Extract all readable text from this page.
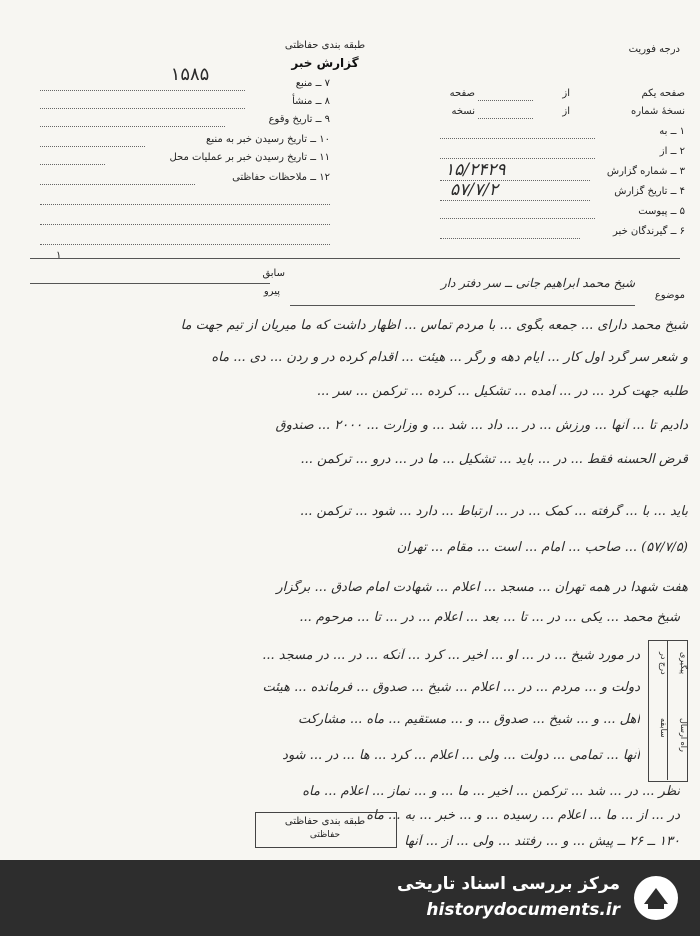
طبقه بندی حفاظتی
گزارش خبر
درجه فوریت
صفحه یکم
از
صفحه
نسخهٔ شماره
از
نسخه
۱ ــ به
۲ ــ از
۳ ــ شماره گزارش
۱۵/۲۴۲۹
۴ ــ تاریخ گزارش
۵۷/۷/۲
۵ ــ پیوست
۶ ــ گیرندگان خبر
۱۵۸۵	۷ ــ منبع
۸ ــ منشأ
۹ ــ تاریخ وقوع
۱۰ ــ تاریخ رسیدن خبر به منبع
۱۱ ــ تاریخ رسیدن خبر بر عملیات محل
۱۲ ــ ملاحظات حفاظتی
۱
سابق
پیرو	موضوع
شیخ محمد ابراهیم جانی ــ سر دفتر دار
شیخ محمد دارای ... جمعه بگوی ... با مردم تماس ... اظهار داشت که ما میریان از تیم جهت ما
و شعر سر گرد اول کار ... ایام دهه و رگر ... هیئت ... اقدام کرده در و ردن ... دی ... ماه
طلبه جهت کرد ... در ... آمده ... تشکیل ... کرده ... ترکمن ... سر ...
دادیم تا ... آنها ... ورزش ... در ... داد ... شد ... و وزارت ... ۲۰۰۰ ... صندوق
قرض الحسنه فقط ... در ... باید ... تشکیل ... ما در ... درو ... ترکمن ...
باید ... با ... گرفته ... کمک ... در ... ارتباط ... دارد ... شود ... ترکمن ...
(۵۷/۷/۵) ... صاحب ... امام ... است ... مقام ... تهران
هفت شهدا در همه تهران ... مسجد ... اعلام ... شهادت امام صادق ... برگزار
شیخ محمد ... یکی ... در ... تا ... بعد ... اعلام ... در ... تا ... مرحوم ...
در مورد شیخ ... در ... او ... اخیر ... کرد ... آنکه ... در ... در مسجد ...
دولت و ... مردم ... در ... اعلام ... شیخ ... صدوق ... فرمانده ... هیئت
اهل ... و ... شیخ ... صدوق ... و ... مستقیم ... ماه ... مشارکت
آنها ... تمامی ... دولت ... ولی ... اعلام ... کرد ... ها ... در ... شود
نظر ... در ... شد ... ترکمن ... اخیر ... ما ... و ... نماز ... اعلام ... ماه
در ... از ... ما ... اعلام ... رسیده ... و ... خبر ... به ... ماه
۱۳۰ ــ ۲۶ ــ پیش ... و ... رفتند ... ولی ... از ... آنها
درج در	پیگیری
سابقه	راه ارسال
طبقه بندی حفاظتی
حفاظتی
مرکز بررسی اسناد تاریخی
historydocuments.ir
